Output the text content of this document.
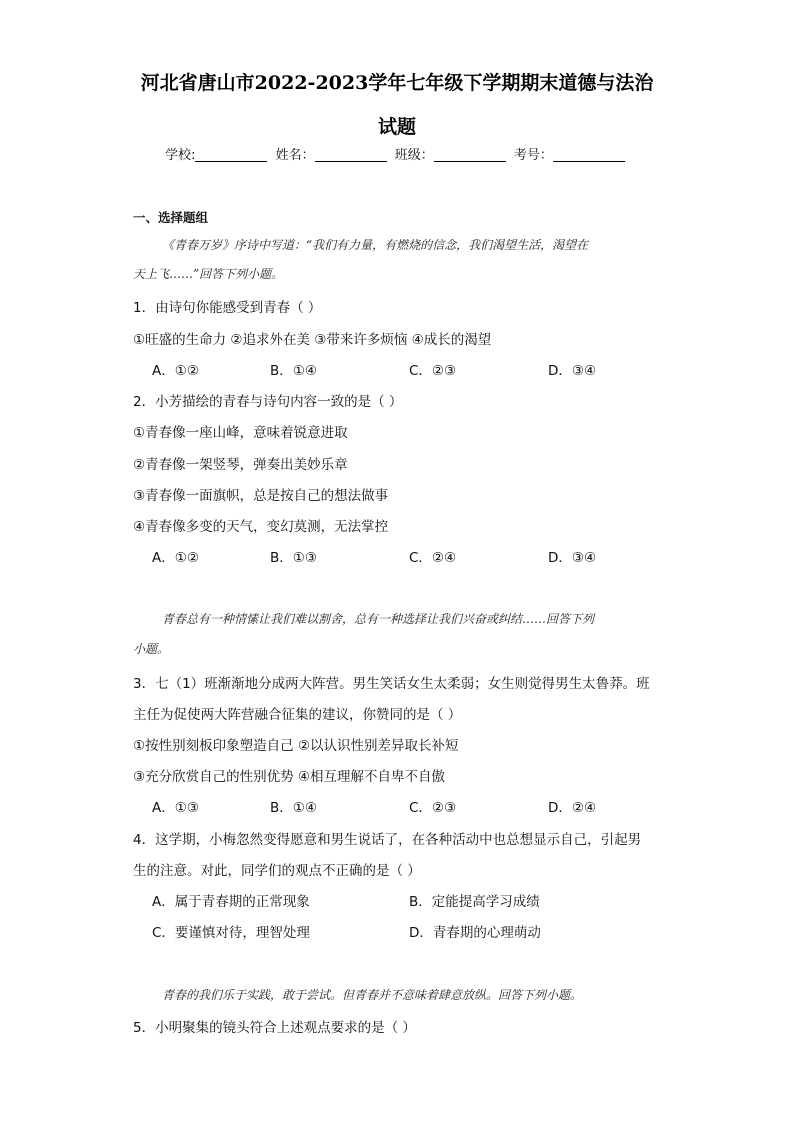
河北省唐山市2022-2023学年七年级下学期期末道德与法治
试题
学校:	姓名：	班级：	考号：
一、选择题组
《青春万岁》序诗中写道：“我们有力量，有燃烧的信念，我们渴望生活，渴望在
天上飞……”回答下列小题。
1．由诗句你能感受到青春（ ）
①旺盛的生命力 ②追求外在美 ③带来许多烦恼 ④成长的渴望
A．①②	B．①④	C．②③	D．③④
2．小芳描绘的青春与诗句内容一致的是（ ）
①青春像一座山峰，意味着锐意进取
②青春像一架竖琴，弹奏出美妙乐章
③青春像一面旗帜，总是按自己的想法做事
④青春像多变的天气，变幻莫测，无法掌控
A．①②	B．①③	C．②④	D．③④
青春总有一种情愫让我们难以割舍，总有一种选择让我们兴奋或纠结……回答下列
小题。
3．七（1）班渐渐地分成两大阵营。男生笑话女生太柔弱；女生则觉得男生太鲁莽。班
主任为促使两大阵营融合征集的建议，你赞同的是（ ）
①按性别刻板印象塑造自己 ②以认识性别差异取长补短
③充分欣赏自己的性别优势 ④相互理解不自卑不自傲
A．①③	B．①④	C．②③	D．②④
4．这学期，小梅忽然变得愿意和男生说话了，在各种活动中也总想显示自己，引起男
生的注意。对此，同学们的观点不正确的是（ ）
A．属于青春期的正常现象	B．定能提高学习成绩
C．要谨慎对待，理智处理	D．青春期的心理萌动
青春的我们乐于实践，敢于尝试。但青春并不意味着肆意放纵。回答下列小题。
5．小明聚集的镜头符合上述观点要求的是（ ）
